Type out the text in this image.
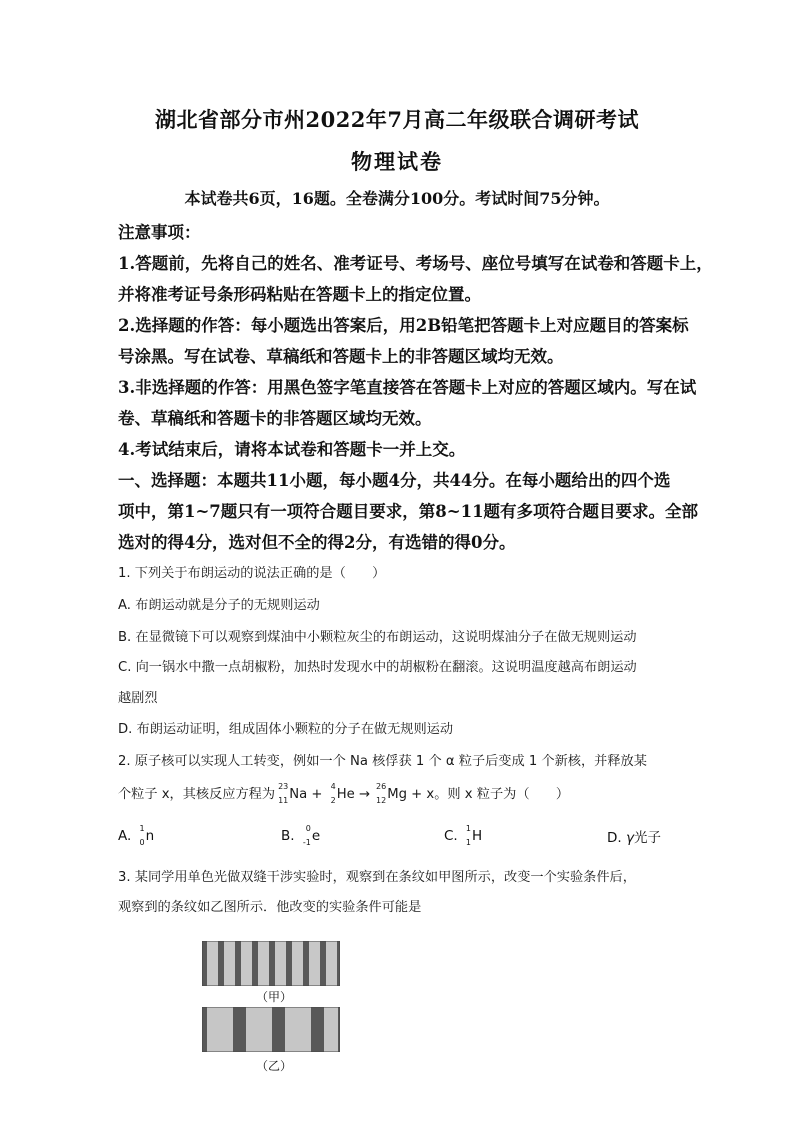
湖北省部分市州2022年7月高二年级联合调研考试
物理试卷
本试卷共6页，16题。全卷满分100分。考试时间75分钟。
注意事项：
1.答题前，先将自己的姓名、准考证号、考场号、座位号填写在试卷和答题卡上，
并将准考证号条形码粘贴在答题卡上的指定位置。
2.选择题的作答：每小题选出答案后，用2B铅笔把答题卡上对应题目的答案标
号涂黑。写在试卷、草稿纸和答题卡上的非答题区域均无效。
3.非选择题的作答：用黑色签字笔直接答在答题卡上对应的答题区域内。写在试
卷、草稿纸和答题卡的非答题区域均无效。
4.考试结束后，请将本试卷和答题卡一并上交。
一、选择题：本题共11小题，每小题4分，共44分。在每小题给出的四个选
项中，第1~7题只有一项符合题目要求，第8~11题有多项符合题目要求。全部
选对的得4分，选对但不全的得2分，有选错的得0分。
1. 下列关于布朗运动的说法正确的是（　　）
A. 布朗运动就是分子的无规则运动
B. 在显微镜下可以观察到煤油中小颗粒灰尘的布朗运动，这说明煤油分子在做无规则运动
C. 向一锅水中撒一点胡椒粉，加热时发现水中的胡椒粉在翻滚。这说明温度越高布朗运动
越剧烈
D. 布朗运动证明，组成固体小颗粒的分子在做无规则运动
2. 原子核可以实现人工转变，例如一个 Na 核俘获 1 个 α 粒子后变成 1 个新核，并释放某
个粒子 x，其核反应方程为
23
11 Na +
4
2 He →
26
12 Mg + x。则 x 粒子为（　　）
A. 1
0 n	B. 0
-1 e	C. 1
1 H	D. γ光子
3. 某同学用单色光做双缝干涉实验时，观察到在条纹如甲图所示，改变一个实验条件后，
观察到的条纹如乙图所示．他改变的实验条件可能是
（甲）
（乙）
